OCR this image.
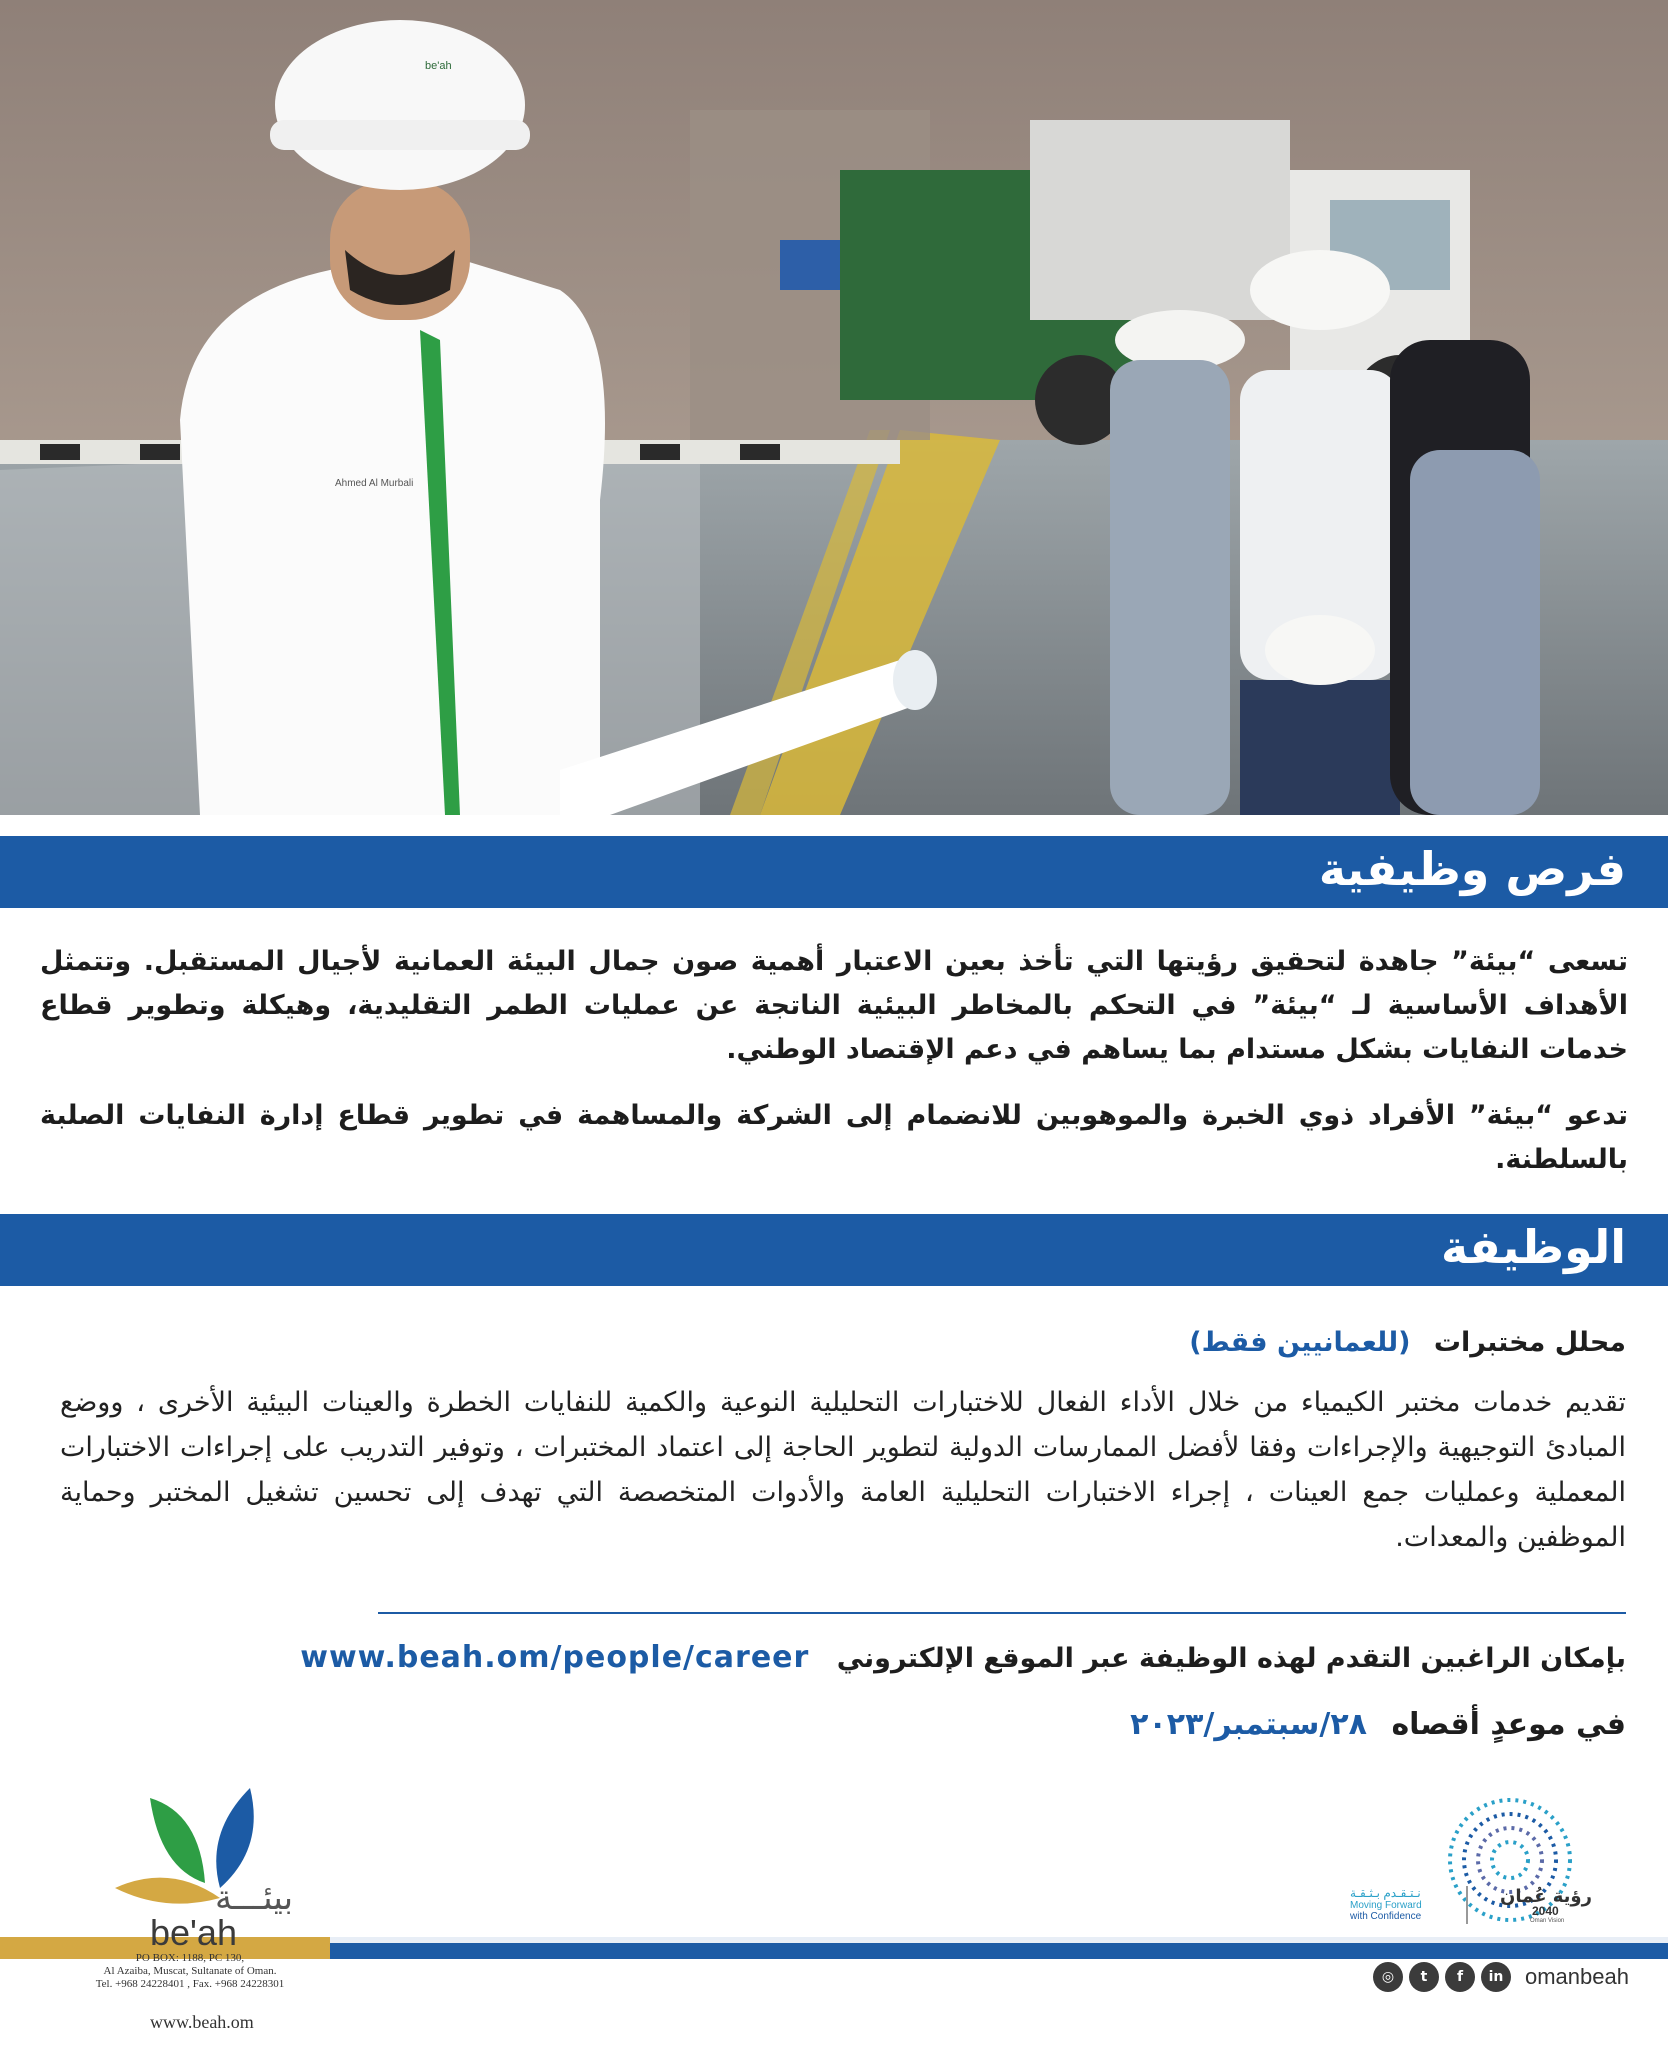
be'ah
Ahmed Al Murbali
فرص وظيفية

تسعى “بيئة” جاهدة لتحقيق رؤيتها التي تأخذ بعين الاعتبار أهمية صون جمال البيئة العمانية لأجيال المستقبل. وتتمثل الأهداف الأساسية لـ “بيئة” في التحكم بالمخاطر البيئية الناتجة عن عمليات الطمر التقليدية، وهيكلة وتطوير قطاع خدمات النفايات بشكل مستدام بما يساهم في دعم الإقتصاد الوطني.

تدعو “بيئة” الأفراد ذوي الخبرة والموهوبين للانضمام إلى الشركة والمساهمة في تطوير قطاع إدارة النفايات الصلبة بالسلطنة.

الوظيفة
محلل مختبرات (للعمانيين فقط)

تقديم خدمات مختبر الكيمياء من خلال الأداء الفعال للاختبارات التحليلية النوعية والكمية للنفايات الخطرة والعينات البيئية الأخرى ، ووضع المبادئ التوجيهية والإجراءات وفقا لأفضل الممارسات الدولية لتطوير الحاجة إلى اعتماد المختبرات ، وتوفير التدريب على إجراءات الاختبارات المعملية وعمليات جمع العينات ، إجراء الاختبارات التحليلية العامة والأدوات المتخصصة التي تهدف إلى تحسين تشغيل المختبر وحماية الموظفين والمعدات.

بإمكان الراغبين التقدم لهذه الوظيفة عبر الموقع الإلكتروني www.beah.om/people/career
في موعدٍ أقصاه ٢٨/سبتمبر/٢٠٢٣
بيئـــة
be'ah
PO BOX: 1188, PC 130,
Al Azaiba, Muscat, Sultanate of Oman.
Tel. +968 24228401 , Fax. +968 24228301
www.beah.om
رؤية عُمان
2040
Oman Vision
نـتـقـدم بـثـقـة
Moving Forward
with Confidence
◎	t	f	in omanbeah
